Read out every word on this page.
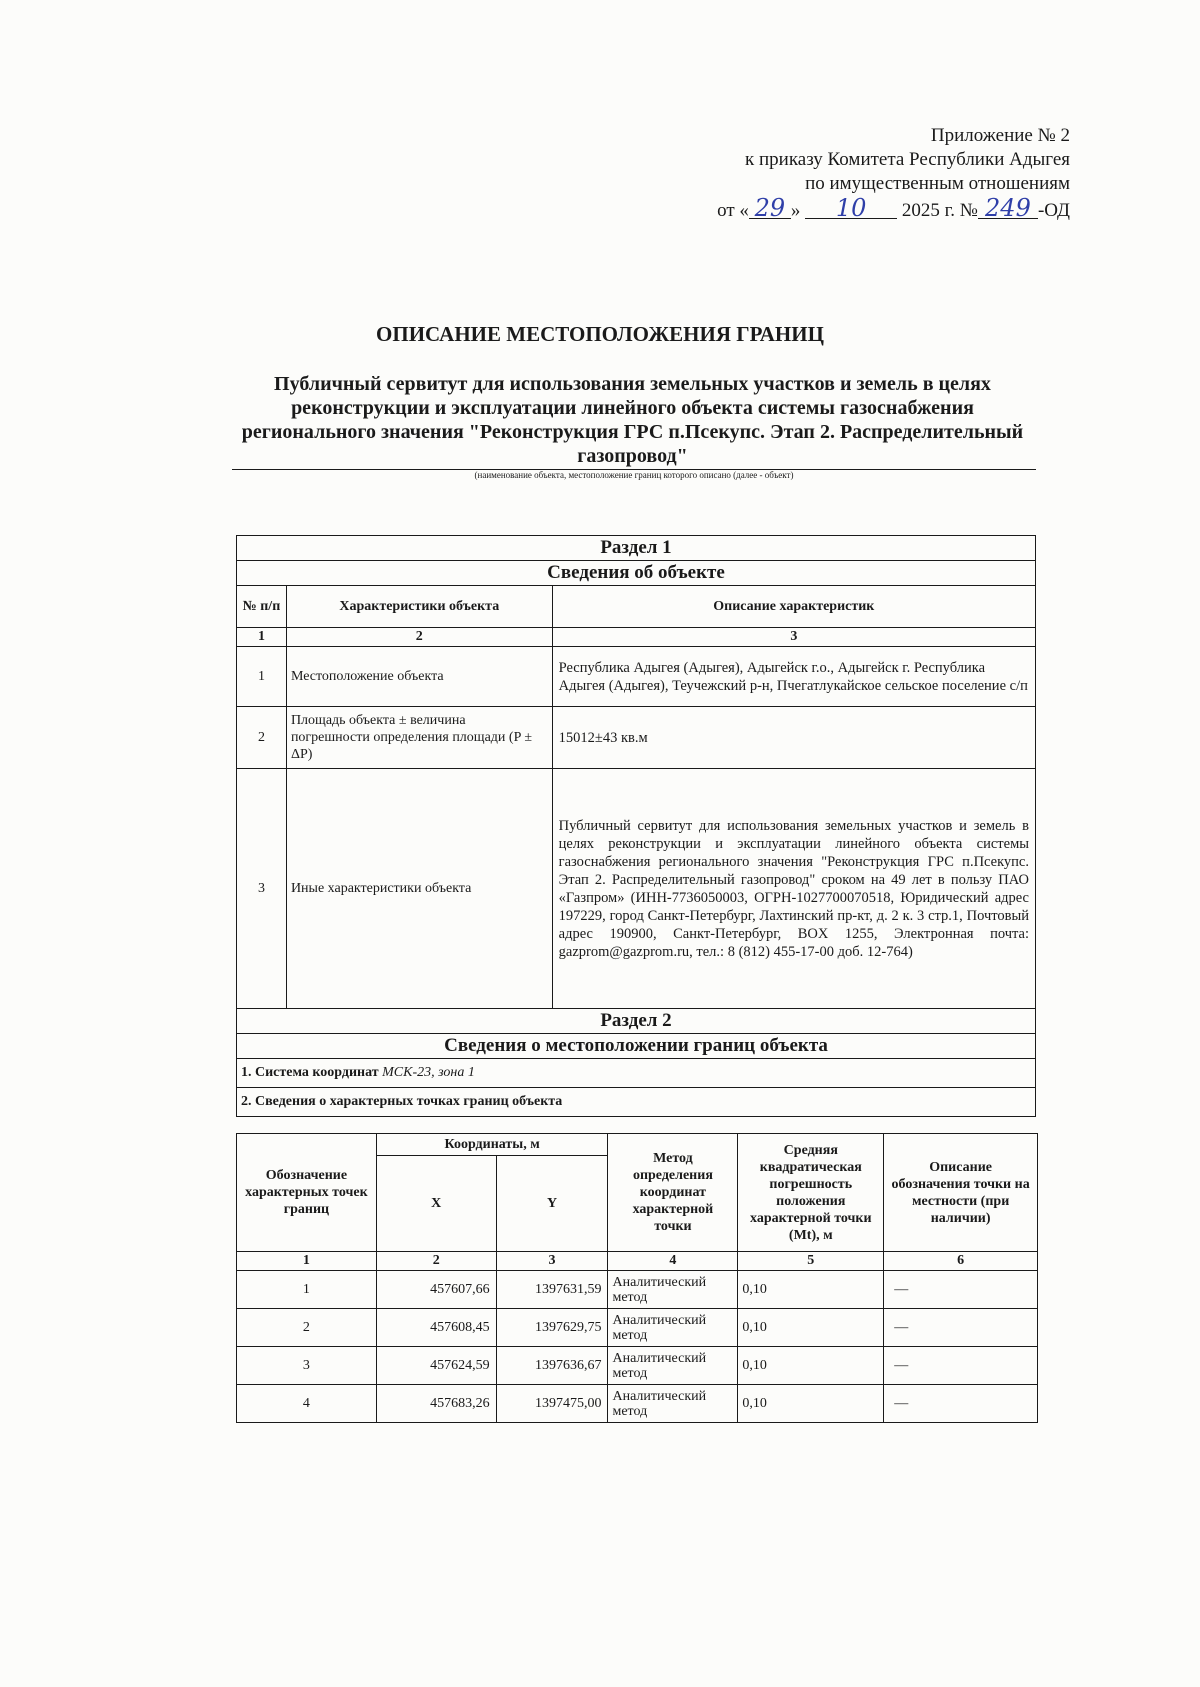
Приложение № 2
к приказу Комитета Республики Адыгея
по имущественным отношениям
от « 29 » 10 2025 г. № 249 -ОД
ОПИСАНИЕ МЕСТОПОЛОЖЕНИЯ ГРАНИЦ
Публичный сервитут для использования земельных участков и земель в целях реконструкции и эксплуатации линейного объекта системы газоснабжения регионального значения "Реконструкция ГРС п.Псекупс. Этап 2. Распределительный газопровод"
(наименование объекта, местоположение границ которого описано (далее - объект)
Раздел 1		
Сведения об объекте		
№ п/п	Характеристики объекта	Описание характеристик
1	2	3
1	Местоположение объекта	Республика Адыгея (Адыгея), Адыгейск г.о., Адыгейск г. Республика Адыгея (Адыгея), Теучежский р-н, Пчегатлукайское сельское поселение с/п
2	Площадь объекта ± величина погрешности определения площади (P ± ΔP)	15012±43 кв.м
3	Иные характеристики объекта	Публичный сервитут для использования земельных участков и земель в целях реконструкции и эксплуатации линейного объекта системы газоснабжения регионального значения "Реконструкция ГРС п.Псекупс. Этап 2. Распределительный газопровод" сроком на 49 лет в пользу ПАО «Газпром» (ИНН-7736050003, ОГРН-1027700070518, Юридический адрес 197229, город Санкт-Петербург, Лахтинский пр-кт, д. 2 к. 3 стр.1, Почтовый адрес 190900, Санкт-Петербург, BOX 1255, Электронная почта: gazprom@gazprom.ru, тел.: 8 (812) 455-17-00 доб. 12-764)
Раздел 2		
Сведения о местоположении границ объекта		
1. Система координат МСК-23, зона 1		
2. Сведения о характерных точках границ объекта		
Обозначение характерных точек границ	Координаты, м		Метод определения координат характерной точки	Средняя квадратическая погрешность положения характерной точки (Mt), м	Описание обозначения точки на местности (при наличии)
	X	Y			
1	2	3	4	5	6
1	457607,66	1397631,59	Аналитический метод	0,10	—
2	457608,45	1397629,75	Аналитический метод	0,10	—
3	457624,59	1397636,67	Аналитический метод	0,10	—
4	457683,26	1397475,00	Аналитический метод	0,10	—
